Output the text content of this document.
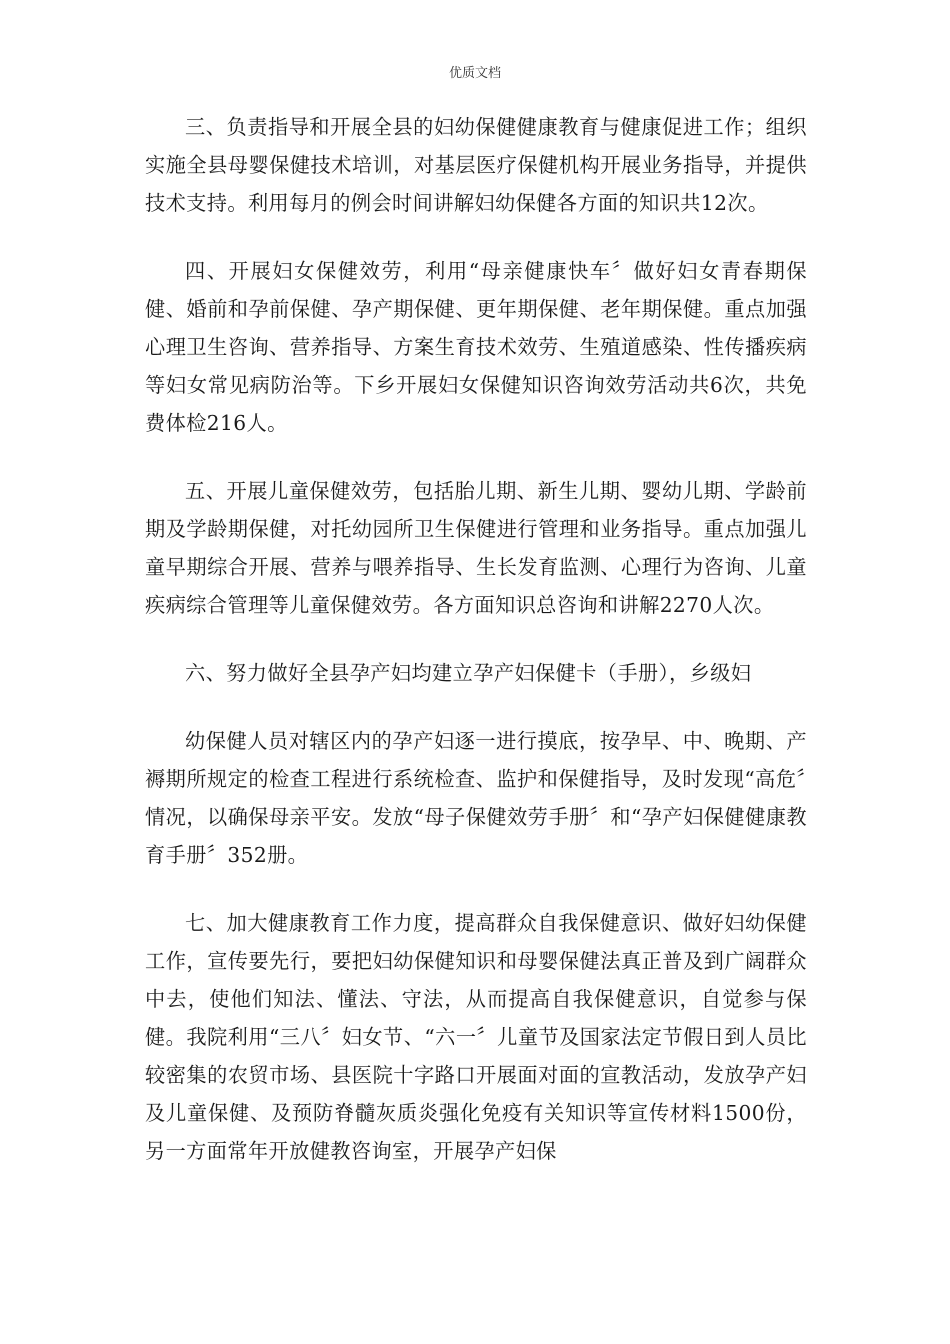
优质文档

三、负责指导和开展全县的妇幼保健健康教育与健康促进工作；组织实施全县母婴保健技术培训，对基层医疗保健机构开展业务指导，并提供技术支持。利用每月的例会时间讲解妇幼保健各方面的知识共12次。

四、开展妇女保健效劳，利用“母亲健康快车〞做好妇女青春期保健、婚前和孕前保健、孕产期保健、更年期保健、老年期保健。重点加强心理卫生咨询、营养指导、方案生育技术效劳、生殖道感染、性传播疾病等妇女常见病防治等。下乡开展妇女保健知识咨询效劳活动共6次，共免费体检216人。

五、开展儿童保健效劳，包括胎儿期、新生儿期、婴幼儿期、学龄前期及学龄期保健，对托幼园所卫生保健进行管理和业务指导。重点加强儿童早期综合开展、营养与喂养指导、生长发育监测、心理行为咨询、儿童疾病综合管理等儿童保健效劳。各方面知识总咨询和讲解2270人次。

六、努力做好全县孕产妇均建立孕产妇保健卡（手册），乡级妇

幼保健人员对辖区内的孕产妇逐一进行摸底，按孕早、中、晚期、产褥期所规定的检查工程进行系统检查、监护和保健指导，及时发现“高危〞情况，以确保母亲平安。发放“母子保健效劳手册〞和“孕产妇保健健康教育手册〞352册。

七、加大健康教育工作力度，提高群众自我保健意识、做好妇幼保健工作，宣传要先行，要把妇幼保健知识和母婴保健法真正普及到广阔群众中去，使他们知法、懂法、守法，从而提高自我保健意识，自觉参与保健。我院利用“三八〞妇女节、“六一〞儿童节及国家法定节假日到人员比较密集的农贸市场、县医院十字路口开展面对面的宣教活动，发放孕产妇及儿童保健、及预防脊髓灰质炎强化免疫有关知识等宣传材料1500份，另一方面常年开放健教咨询室，开展孕产妇保
